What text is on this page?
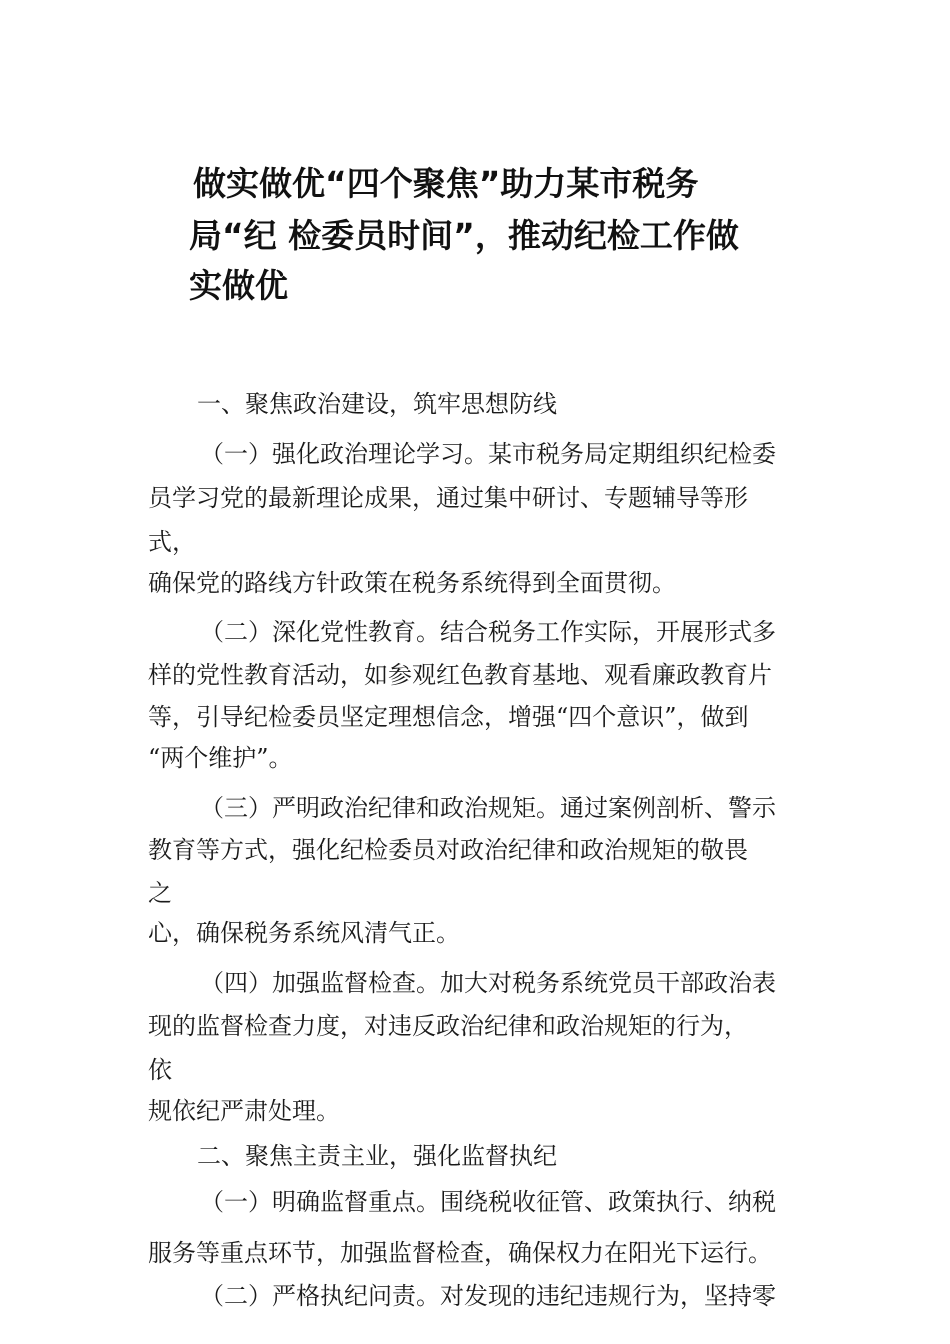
做实做优“四个聚焦”助力某市税务
局“纪 检委员时间”，推动纪检工作做
实做优
一、聚焦政治建设，筑牢思想防线
（一）强化政治理论学习。某市税务局定期组织纪检委
员学习党的最新理论成果，通过集中研讨、专题辅导等形
式，
确保党的路线方针政策在税务系统得到全面贯彻。
（二）深化党性教育。结合税务工作实际，开展形式多
样的党性教育活动，如参观红色教育基地、观看廉政教育片
等，引导纪检委员坚定理想信念，增强“四个意识”，做到
“两个维护”。
（三）严明政治纪律和政治规矩。通过案例剖析、警示
教育等方式，强化纪检委员对政治纪律和政治规矩的敬畏
之
心，确保税务系统风清气正。
（四）加强监督检查。加大对税务系统党员干部政治表
现的监督检查力度，对违反政治纪律和政治规矩的行为，
依
规依纪严肃处理。
二、聚焦主责主业，强化监督执纪
（一）明确监督重点。围绕税收征管、政策执行、纳税
服务等重点环节，加强监督检查，确保权力在阳光下运行。
（二）严格执纪问责。对发现的违纪违规行为，坚持零
